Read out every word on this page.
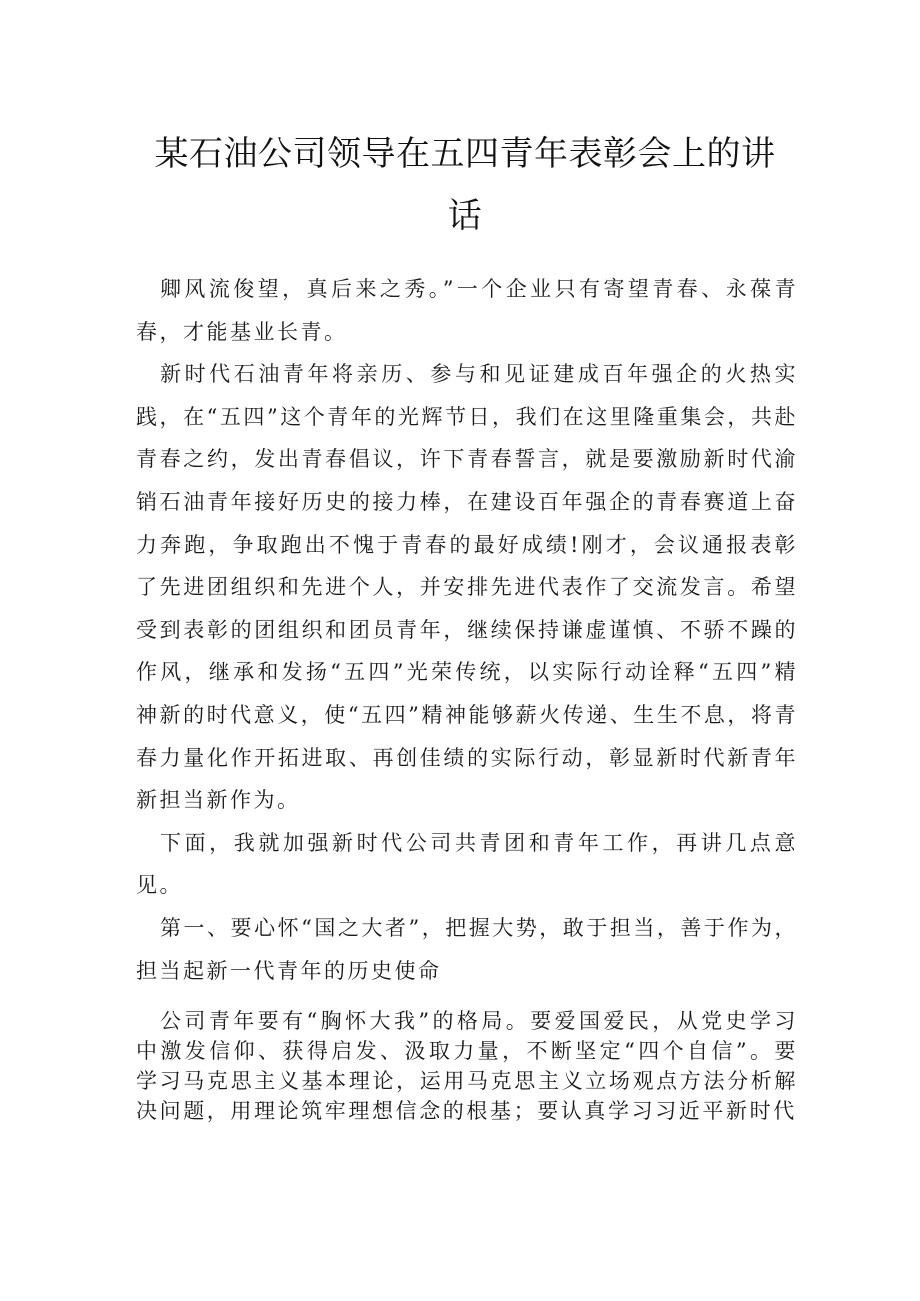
某石油公司领导在五四青年表彰会上的讲
话

卿风流俊望，真后来之秀。”一个企业只有寄望青春、永葆青春，才能基业长青。

新时代石油青年将亲历、参与和见证建成百年强企的火热实践，在“五四”这个青年的光辉节日，我们在这里隆重集会，共赴青春之约，发出青春倡议，许下青春誓言，就是要激励新时代渝销石油青年接好历史的接力棒，在建设百年强企的青春赛道上奋力奔跑，争取跑出不愧于青春的最好成绩!刚才，会议通报表彰了先进团组织和先进个人，并安排先进代表作了交流发言。希望受到表彰的团组织和团员青年，继续保持谦虚谨慎、不骄不躁的作风，继承和发扬“五四”光荣传统，以实际行动诠释“五四”精神新的时代意义，使“五四”精神能够薪火传递、生生不息，将青春力量化作开拓进取、再创佳绩的实际行动，彰显新时代新青年新担当新作为。

下面，我就加强新时代公司共青团和青年工作，再讲几点意见。

第一、要心怀“国之大者”，把握大势，敢于担当，善于作为，担当起新一代青年的历史使命

公司青年要有“胸怀大我”的格局。要爱国爱民，从党史学习中激发信仰、获得启发、汲取力量，不断坚定“四个自信”。要学习马克思主义基本理论，运用马克思主义立场观点方法分析解决问题，用理论筑牢理想信念的根基；要认真学习习近平新时代
